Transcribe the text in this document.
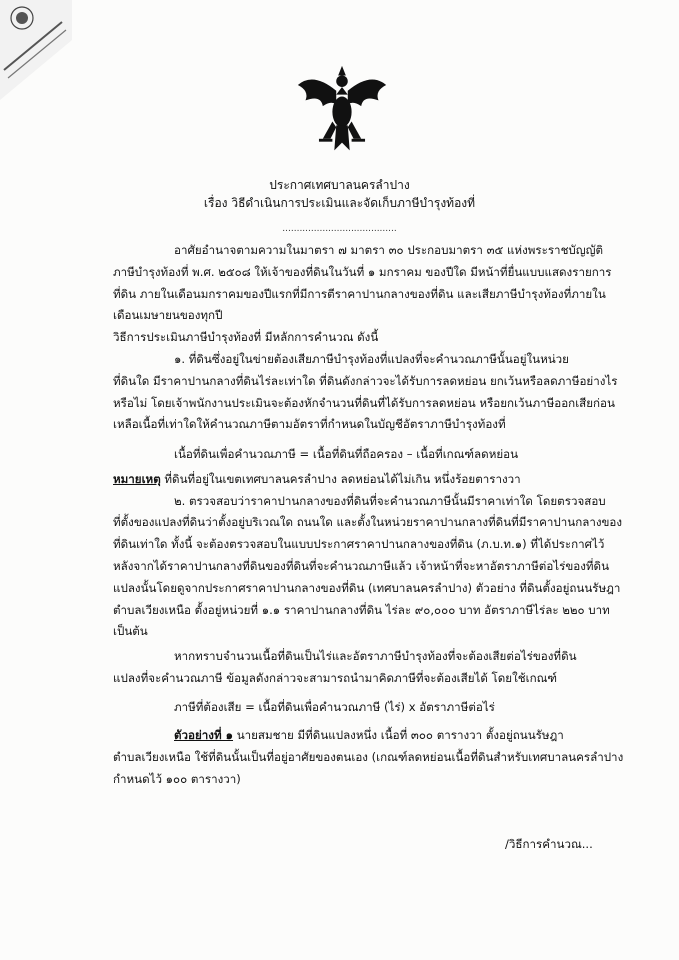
ประกาศเทศบาลนครลำปาง
เรื่อง วิธีดำเนินการประเมินและจัดเก็บภาษีบำรุงท้องที่
........................................
อาศัยอำนาจตามความในมาตรา ๗ มาตรา ๓๐ ประกอบมาตรา ๓๕ แห่งพระราชบัญญัติ
ภาษีบำรุงท้องที่ พ.ศ. ๒๕๐๘ ให้เจ้าของที่ดินในวันที่ ๑ มกราคม ของปีใด มีหน้าที่ยื่นแบบแสดงรายการ
ที่ดิน ภายในเดือนมกราคมของปีแรกที่มีการตีราคาปานกลางของที่ดิน และเสียภาษีบำรุงท้องที่ภายใน
เดือนเมษายนของทุกปี
วิธีการประเมินภาษีบำรุงท้องที่ มีหลักการคำนวณ ดังนี้
๑. ที่ดินซึ่งอยู่ในข่ายต้องเสียภาษีบำรุงท้องที่แปลงที่จะคำนวณภาษีนั้นอยู่ในหน่วย
ที่ดินใด มีราคาปานกลางที่ดินไร่ละเท่าใด ที่ดินดังกล่าวจะได้รับการลดหย่อน ยกเว้นหรือลดภาษีอย่างไร
หรือไม่ โดยเจ้าพนักงานประเมินจะต้องหักจำนวนที่ดินที่ได้รับการลดหย่อน หรือยกเว้นภาษีออกเสียก่อน
เหลือเนื้อที่เท่าใดให้คำนวณภาษีตามอัตราที่กำหนดในบัญชีอัตราภาษีบำรุงท้องที่
เนื้อที่ดินเพื่อคำนวณภาษี = เนื้อที่ดินที่ถือครอง – เนื้อที่เกณฑ์ลดหย่อน
หมายเหตุ ที่ดินที่อยู่ในเขตเทศบาลนครลำปาง ลดหย่อนได้ไม่เกิน หนึ่งร้อยตารางวา
๒. ตรวจสอบว่าราคาปานกลางของที่ดินที่จะคำนวณภาษีนั้นมีราคาเท่าใด โดยตรวจสอบ
ที่ตั้งของแปลงที่ดินว่าตั้งอยู่บริเวณใด ถนนใด และตั้งในหน่วยราคาปานกลางที่ดินที่มีราคาปานกลางของ
ที่ดินเท่าใด ทั้งนี้ จะต้องตรวจสอบในแบบประกาศราคาปานกลางของที่ดิน (ภ.บ.ท.๑) ที่ได้ประกาศไว้
หลังจากได้ราคาปานกลางที่ดินของที่ดินที่จะคำนวณภาษีแล้ว เจ้าหน้าที่จะหาอัตราภาษีต่อไร่ของที่ดิน
แปลงนั้นโดยดูจากประกาศราคาปานกลางของที่ดิน (เทศบาลนครลำปาง) ตัวอย่าง ที่ดินตั้งอยู่ถนนรัษฎา
ตำบลเวียงเหนือ ตั้งอยู่หน่วยที่ ๑.๑ ราคาปานกลางที่ดิน ไร่ละ ๙๐,๐๐๐ บาท อัตราภาษีไร่ละ ๒๒๐ บาท
เป็นต้น
หากทราบจำนวนเนื้อที่ดินเป็นไร่และอัตราภาษีบำรุงท้องที่จะต้องเสียต่อไร่ของที่ดิน
แปลงที่จะคำนวณภาษี ข้อมูลดังกล่าวจะสามารถนำมาคิดภาษีที่จะต้องเสียได้ โดยใช้เกณฑ์
ภาษีที่ต้องเสีย = เนื้อที่ดินเพื่อคำนวณภาษี (ไร่) x อัตราภาษีต่อไร่
ตัวอย่างที่ ๑ นายสมชาย มีที่ดินแปลงหนึ่ง เนื้อที่ ๓๐๐ ตารางวา ตั้งอยู่ถนนรัษฎา
ตำบลเวียงเหนือ ใช้ที่ดินนั้นเป็นที่อยู่อาศัยของตนเอง (เกณฑ์ลดหย่อนเนื้อที่ดินสำหรับเทศบาลนครลำปาง
กำหนดไว้ ๑๐๐ ตารางวา)
/วิธีการคำนวณ...
